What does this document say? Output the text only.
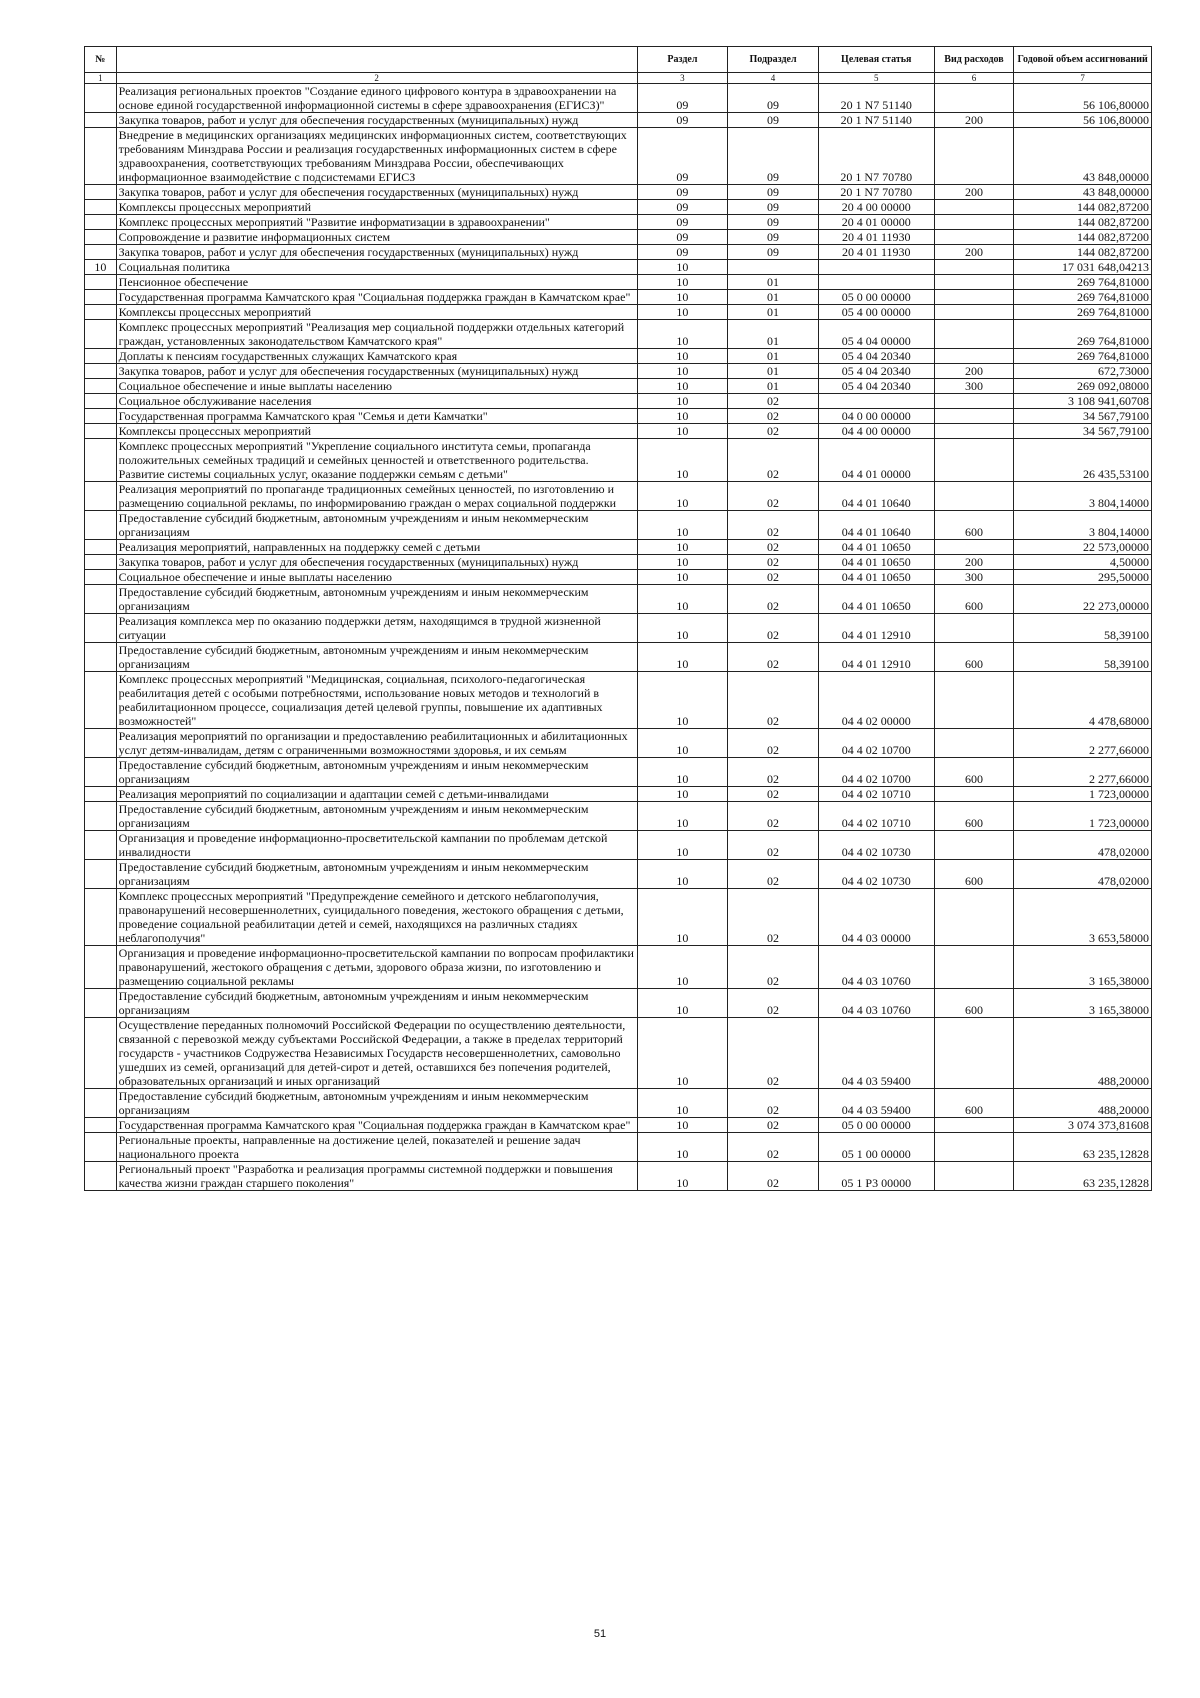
№		Раздел	Подраздел	Целевая статья	Вид расходов	Годовой объем ассигнований
1	2	3	4	5	6	7
	Реализация региональных проектов "Создание единого цифрового контура в здравоохранении на основе единой государственной информационной системы в сфере здравоохранения (ЕГИСЗ)"	09	09	20 1 N7 51140		56 106,80000
	Закупка товаров, работ и услуг для обеспечения государственных (муниципальных) нужд	09	09	20 1 N7 51140	200	56 106,80000
	Внедрение в медицинских организациях медицинских информационных систем, соответствующих требованиям Минздрава России и реализация государственных информационных систем в сфере здравоохранения, соответствующих требованиям Минздрава России, обеспечивающих информационное взаимодействие с подсистемами ЕГИСЗ	09	09	20 1 N7 70780		43 848,00000
	Закупка товаров, работ и услуг для обеспечения государственных (муниципальных) нужд	09	09	20 1 N7 70780	200	43 848,00000
	Комплексы процессных мероприятий	09	09	20 4 00 00000		144 082,87200
	Комплекс процессных мероприятий "Развитие информатизации в здравоохранении"	09	09	20 4 01 00000		144 082,87200
	Сопровождение и развитие информационных систем	09	09	20 4 01 11930		144 082,87200
	Закупка товаров, работ и услуг для обеспечения государственных (муниципальных) нужд	09	09	20 4 01 11930	200	144 082,87200
10	Социальная политика	10				17 031 648,04213
	Пенсионное обеспечение	10	01			269 764,81000
	Государственная программа Камчатского края "Социальная поддержка граждан в Камчатском крае"	10	01	05 0 00 00000		269 764,81000
	Комплексы процессных мероприятий	10	01	05 4 00 00000		269 764,81000
	Комплекс процессных мероприятий "Реализация мер социальной поддержки отдельных категорий граждан, установленных законодательством Камчатского края"	10	01	05 4 04 00000		269 764,81000
	Доплаты к пенсиям государственных служащих Камчатского края	10	01	05 4 04 20340		269 764,81000
	Закупка товаров, работ и услуг для обеспечения государственных (муниципальных) нужд	10	01	05 4 04 20340	200	672,73000
	Социальное обеспечение и иные выплаты населению	10	01	05 4 04 20340	300	269 092,08000
	Социальное обслуживание населения	10	02			3 108 941,60708
	Государственная программа Камчатского края "Семья и дети Камчатки"	10	02	04 0 00 00000		34 567,79100
	Комплексы процессных мероприятий	10	02	04 4 00 00000		34 567,79100
	Комплекс процессных мероприятий "Укрепление социального института семьи, пропаганда положительных семейных традиций и семейных ценностей и ответственного родительства. Развитие системы социальных услуг, оказание поддержки семьям с детьми"	10	02	04 4 01 00000		26 435,53100
	Реализация мероприятий по пропаганде традиционных семейных ценностей, по изготовлению и размещению социальной рекламы, по информированию граждан о мерах социальной поддержки	10	02	04 4 01 10640		3 804,14000
	Предоставление субсидий бюджетным, автономным учреждениям и иным некоммерческим организациям	10	02	04 4 01 10640	600	3 804,14000
	Реализация мероприятий, направленных на поддержку семей с детьми	10	02	04 4 01 10650		22 573,00000
	Закупка товаров, работ и услуг для обеспечения государственных (муниципальных) нужд	10	02	04 4 01 10650	200	4,50000
	Социальное обеспечение и иные выплаты населению	10	02	04 4 01 10650	300	295,50000
	Предоставление субсидий бюджетным, автономным учреждениям и иным некоммерческим организациям	10	02	04 4 01 10650	600	22 273,00000
	Реализация комплекса мер по оказанию поддержки детям, находящимся в трудной жизненной ситуации	10	02	04 4 01 12910		58,39100
	Предоставление субсидий бюджетным, автономным учреждениям и иным некоммерческим организациям	10	02	04 4 01 12910	600	58,39100
	Комплекс процессных мероприятий "Медицинская, социальная, психолого-педагогическая реабилитация детей с особыми потребностями, использование новых методов и технологий в реабилитационном процессе, социализация детей целевой группы, повышение их адаптивных возможностей"	10	02	04 4 02 00000		4 478,68000
	Реализация мероприятий по организации и предоставлению реабилитационных и абилитационных услуг детям-инвалидам, детям с ограниченными возможностями здоровья, и их семьям	10	02	04 4 02 10700		2 277,66000
	Предоставление субсидий бюджетным, автономным учреждениям и иным некоммерческим организациям	10	02	04 4 02 10700	600	2 277,66000
	Реализация мероприятий по социализации и адаптации семей с детьми-инвалидами	10	02	04 4 02 10710		1 723,00000
	Предоставление субсидий бюджетным, автономным учреждениям и иным некоммерческим организациям	10	02	04 4 02 10710	600	1 723,00000
	Организация и проведение информационно-просветительской кампании по проблемам детской инвалидности	10	02	04 4 02 10730		478,02000
	Предоставление субсидий бюджетным, автономным учреждениям и иным некоммерческим организациям	10	02	04 4 02 10730	600	478,02000
	Комплекс процессных мероприятий "Предупреждение семейного и детского неблагополучия, правонарушений несовершеннолетних, суицидального поведения, жестокого обращения с детьми, проведение социальной реабилитации детей и семей, находящихся на различных стадиях неблагополучия"	10	02	04 4 03 00000		3 653,58000
	Организация и проведение информационно-просветительской кампании по вопросам профилактики правонарушений, жестокого обращения с детьми, здорового образа жизни, по изготовлению и размещению социальной рекламы	10	02	04 4 03 10760		3 165,38000
	Предоставление субсидий бюджетным, автономным учреждениям и иным некоммерческим организациям	10	02	04 4 03 10760	600	3 165,38000
	Осуществление переданных полномочий Российской Федерации по осуществлению деятельности, связанной с перевозкой между субъектами Российской Федерации, а также в пределах территорий государств - участников Содружества Независимых Государств несовершеннолетних, самовольно ушедших из семей, организаций для детей-сирот и детей, оставшихся без попечения родителей, образовательных организаций и иных организаций	10	02	04 4 03 59400		488,20000
	Предоставление субсидий бюджетным, автономным учреждениям и иным некоммерческим организациям	10	02	04 4 03 59400	600	488,20000
	Государственная программа Камчатского края "Социальная поддержка граждан в Камчатском крае"	10	02	05 0 00 00000		3 074 373,81608
	Региональные проекты, направленные на достижение целей, показателей и решение задач национального проекта	10	02	05 1 00 00000		63 235,12828
	Региональный проект "Разработка и реализация программы системной поддержки и повышения качества жизни граждан старшего поколения"	10	02	05 1 P3 00000		63 235,12828
51
